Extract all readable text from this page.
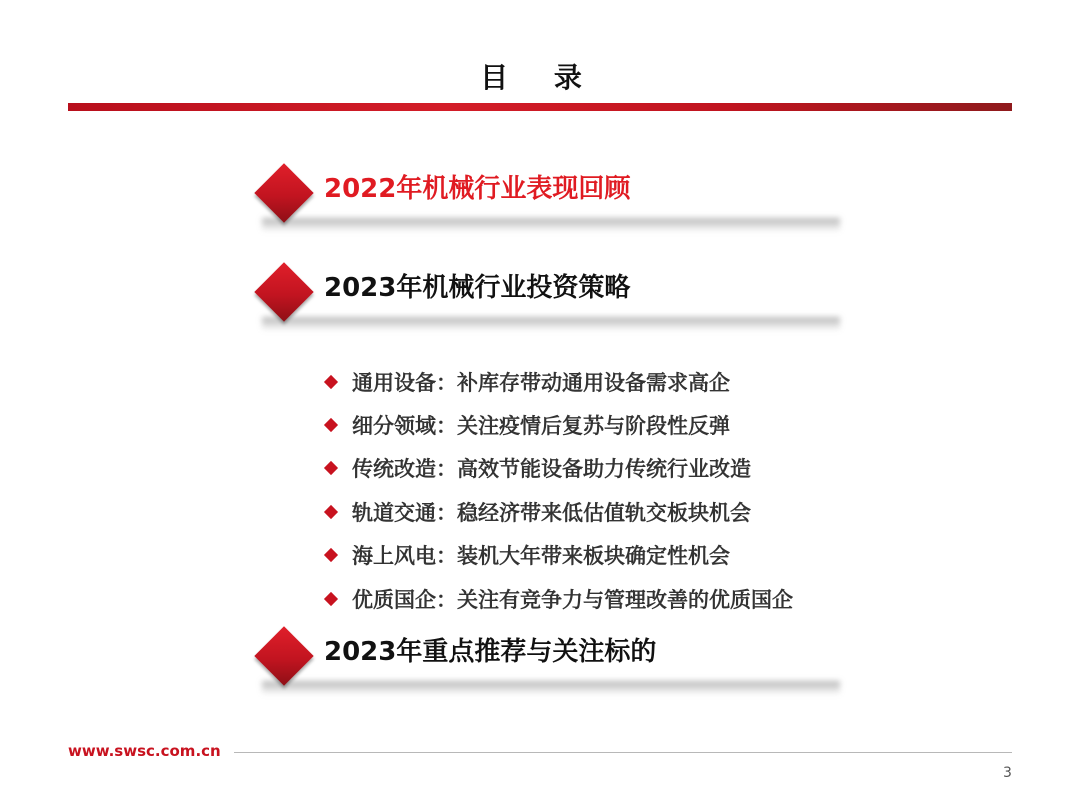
目 录
2022年机械行业表现回顾
2023年机械行业投资策略
通用设备：补库存带动通用设备需求高企
细分领域：关注疫情后复苏与阶段性反弹
传统改造：高效节能设备助力传统行业改造
轨道交通：稳经济带来低估值轨交板块机会
海上风电：装机大年带来板块确定性机会
优质国企：关注有竞争力与管理改善的优质国企
2023年重点推荐与关注标的
www.swsc.com.cn
3
